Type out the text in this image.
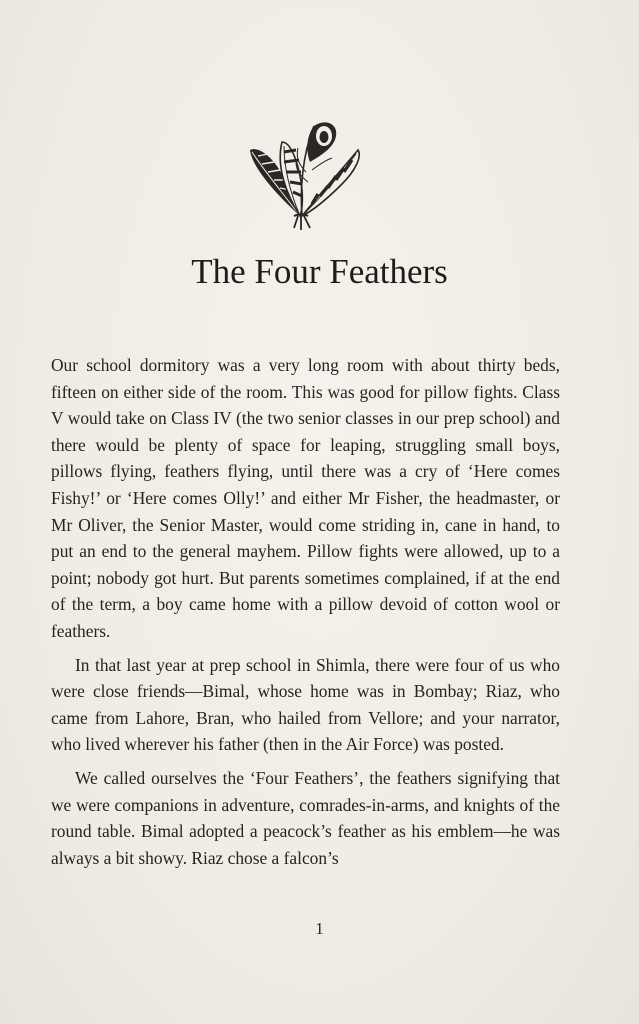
The Four Feathers

Our school dormitory was a very long room with about thirty beds, fifteen on either side of the room. This was good for pillow fights. Class V would take on Class IV (the two senior classes in our prep school) and there would be plenty of space for leaping, struggling small boys, pillows flying, feathers flying, until there was a cry of ‘Here comes Fishy!’ or ‘Here comes Olly!’ and either Mr Fisher, the headmaster, or Mr Oliver, the Senior Master, would come striding in, cane in hand, to put an end to the general mayhem. Pillow fights were allowed, up to a point; nobody got hurt. But parents sometimes complained, if at the end of the term, a boy came home with a pillow devoid of cotton wool or feathers.

In that last year at prep school in Shimla, there were four of us who were close friends—Bimal, whose home was in Bombay; Riaz, who came from Lahore, Bran, who hailed from Vellore; and your narrator, who lived wherever his father (then in the Air Force) was posted.

We called ourselves the ‘Four Feathers’, the feathers signifying that we were companions in adventure, comrades-in-arms, and knights of the round table. Bimal adopted a peacock’s feather as his emblem—he was always a bit showy. Riaz chose a falcon’s

1
